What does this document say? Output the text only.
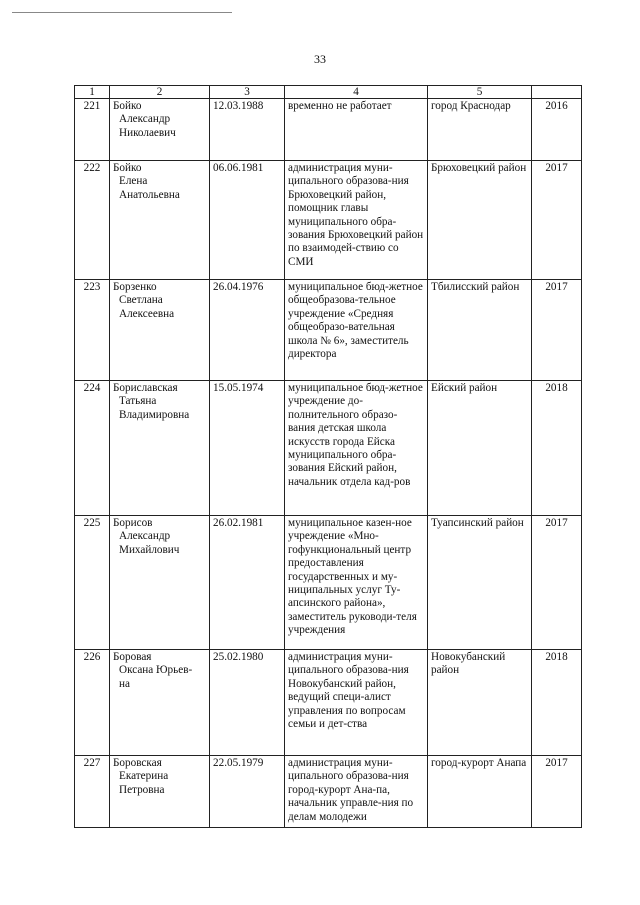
33
1	2	3	4	5	
221	Бойко
Александр
Николаевич	12.03.1988	временно не работает	город Краснодар	2016
222	Бойко
Елена
Анатольевна	06.06.1981	администрация муни-ципального образова-ния Брюховецкий район, помощник главы муниципального обра-зования Брюховецкий район по взаимодей-ствию со СМИ	Брюховецкий район	2017
223	Борзенко
Светлана
Алексеевна	26.04.1976	муниципальное бюд-жетное общеобразова-тельное учреждение «Средняя общеобразо-вательная школа № 6», заместитель директора	Тбилисский район	2017
224	Бориславская
Татьяна
Владимировна	15.05.1974	муниципальное бюд-жетное учреждение до-полнительного образо-вания детская школа искусств города Ейска муниципального обра-зования Ейский район, начальник отдела кад-ров	Ейский район	2018
225	Борисов
Александр
Михайлович	26.02.1981	муниципальное казен-ное учреждение «Мно-гофункциональный центр предоставления государственных и му-ниципальных услуг Ту-апсинского района», заместитель руководи-теля учреждения	Туапсинский район	2017
226	Боровая
Оксана Юрьев-
на	25.02.1980	администрация муни-ципального образова-ния Новокубанский район, ведущий специ-алист управления по вопросам семьи и дет-ства	Новокубанский район	2018
227	Боровская
Екатерина
Петровна	22.05.1979	администрация муни-ципального образова-ния город-курорт Ана-па, начальник управле-ния по делам молодежи	город-курорт Анапа	2017
